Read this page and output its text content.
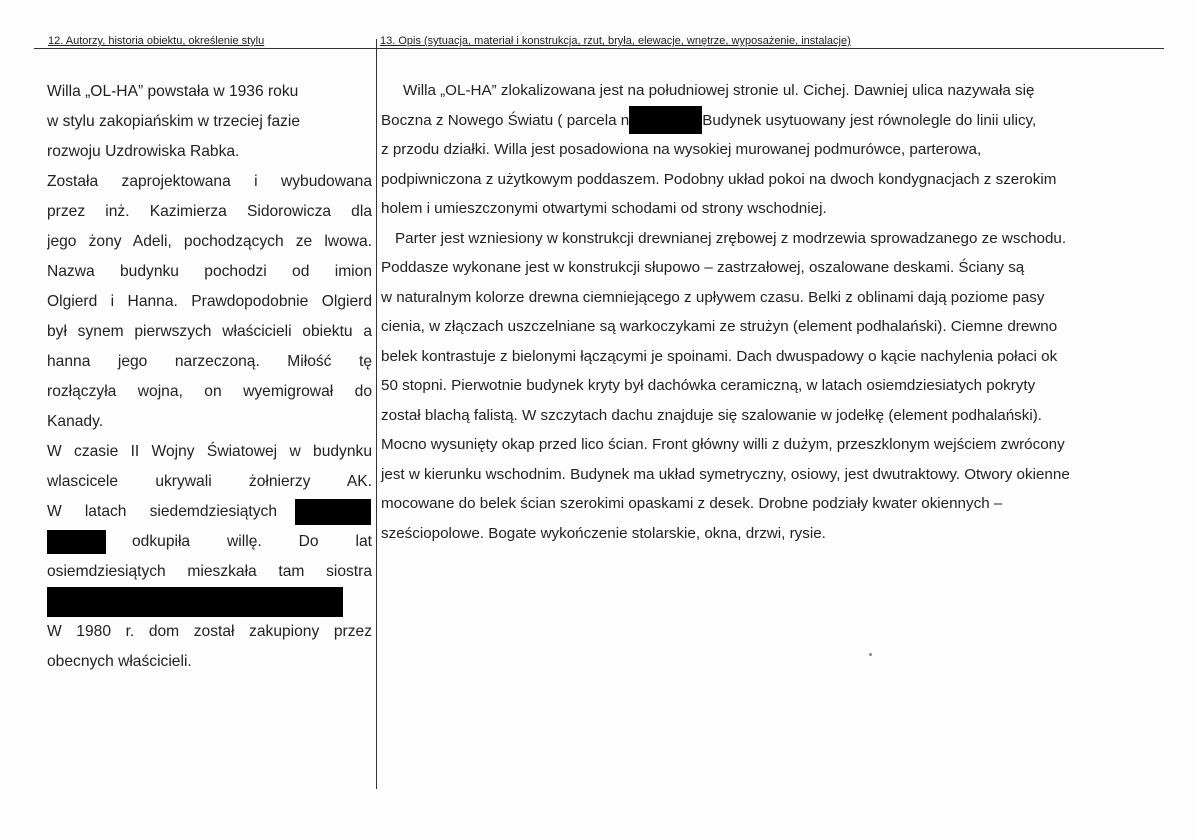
12. Autorzy, historia obiektu, określenie stylu	13. Opis (sytuacja, materiał i konstrukcja, rzut, bryła, elewacje, wnętrze, wyposażenie, instalacje)
Willa „OL-HA” powstała w 1936 roku
w stylu zakopiańskim w trzeciej fazie
rozwoju Uzdrowiska Rabka.
Została zaprojektowana i wybudowana
przez inż. Kazimierza Sidorowicza dla
jego żony Adeli, pochodzących ze lwowa.
Nazwa budynku pochodzi od imion
Olgierd i Hanna. Prawdopodobnie Olgierd
był synem pierwszych właścicieli obiektu a
hanna jego narzeczoną. Miłość tę
rozłączyła wojna, on wyemigrował do
Kanady.
W czasie II Wojny Światowej w budynku
wlascicele ukrywali żołnierzy AK.
W latach siedemdziesiątych
odkupiła willę. Do lat
osiemdziesiątych mieszkała tam siostra
W 1980 r. dom został zakupiony przez
obecnych właścicieli.
Willa „OL-HA” zlokalizowana jest na południowej stronie ul. Cichej. Dawniej ulica nazywała się
Boczna z Nowego Światu ( parcela n	Budynek usytuowany jest równolegle do linii ulicy,
z przodu działki. Willa jest posadowiona na wysokiej murowanej podmurówce, parterowa,
podpiwniczona z użytkowym poddaszem. Podobny układ pokoi na dwoch kondygnacjach z szerokim
holem i umieszczonymi otwartymi schodami od strony wschodniej.
Parter jest wzniesiony w konstrukcji drewnianej zrębowej z modrzewia sprowadzanego ze wschodu.
Poddasze wykonane jest w konstrukcji słupowo – zastrzałowej, oszalowane deskami. Ściany są
w naturalnym kolorze drewna ciemniejącego z upływem czasu. Belki z oblinami dają poziome pasy
cienia, w złączach uszczelniane są warkoczykami ze strużyn (element podhalański). Ciemne drewno
belek kontrastuje z bielonymi łączącymi je spoinami. Dach dwuspadowy o kącie nachylenia połaci ok
50 stopni. Pierwotnie budynek kryty był dachówka ceramiczną, w latach osiemdziesiatych pokryty
został blachą falistą. W szczytach dachu znajduje się szalowanie w jodełkę (element podhalański).
Mocno wysunięty okap przed lico ścian. Front główny willi z dużym, przeszklonym wejściem zwrócony
jest w kierunku wschodnim. Budynek ma układ symetryczny, osiowy, jest dwutraktowy. Otwory okienne
mocowane do belek ścian szerokimi opaskami z desek. Drobne podziały kwater okiennych –
sześciopolowe. Bogate wykończenie stolarskie, okna, drzwi, rysie.
